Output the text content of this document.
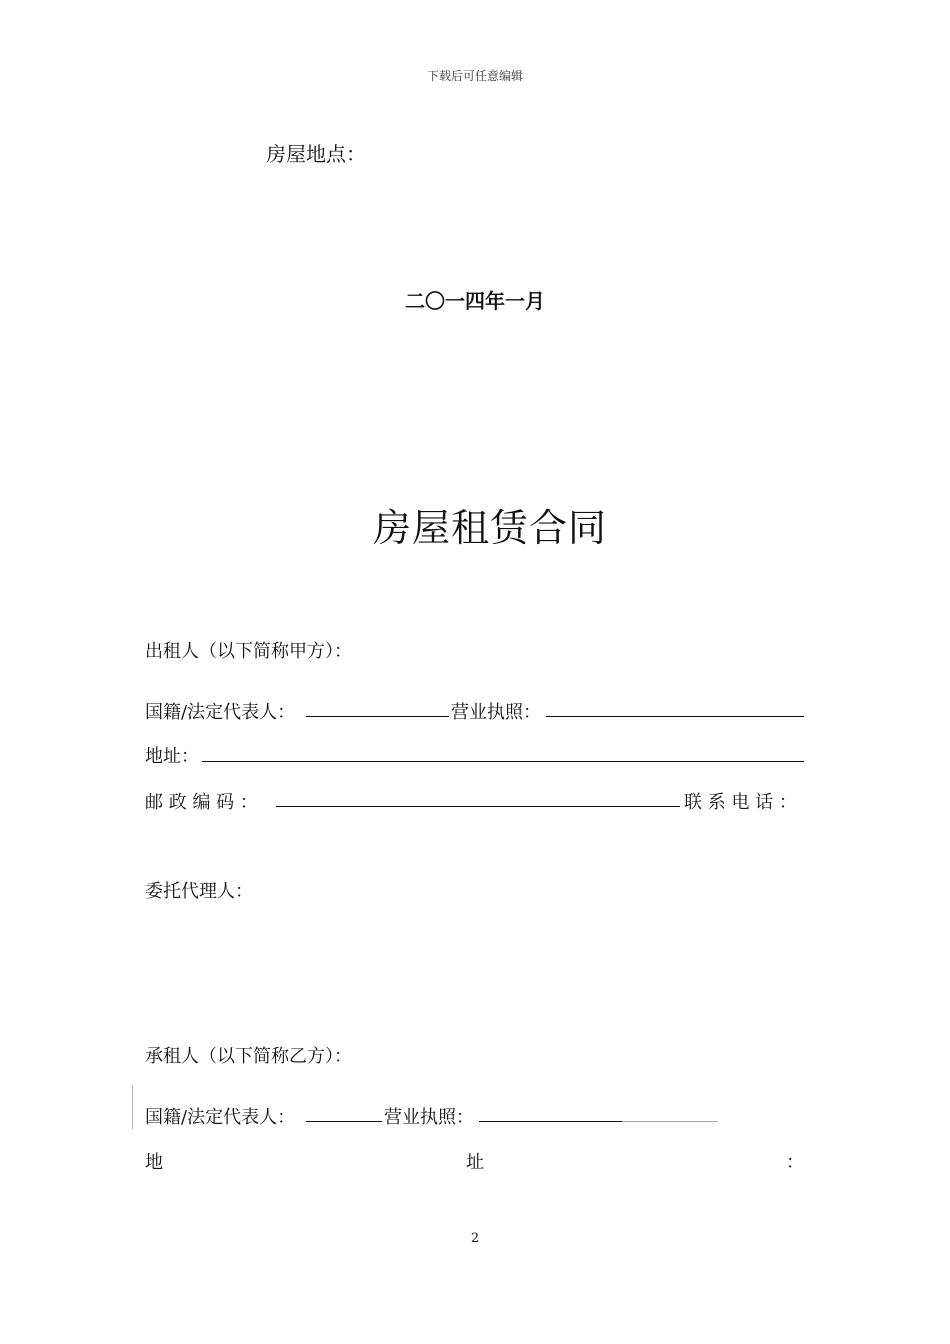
下载后可任意编辑
房屋地点：
二〇一四年一月
房屋租赁合同
出租人（以下简称甲方）：
国籍/法定代表人：	营业执照：
地址：
邮 政 编 码 ：	联 系 电 话 ：
委托代理人：
承租人（以下简称乙方）：
国籍/法定代表人：	营业执照：
地	址	：
2
